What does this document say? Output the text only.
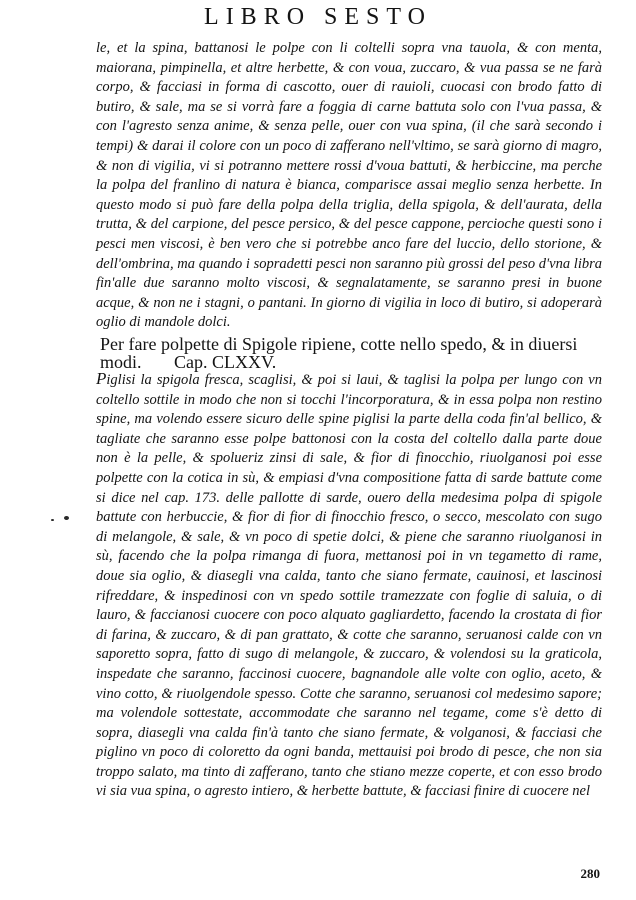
LIBRO SESTO

le, et la spina, battanosi le polpe con li coltelli sopra vna tauola, & con menta, maiorana, pimpinella, et altre herbette, & con voua, zuccaro, & vua passa se ne farà corpo, & facciasi in forma di cascotto, ouer di rauioli, cuocasi con brodo fatto di butiro, & sale, ma se si vorrà fare a foggia di carne battuta solo con l'vua passa, & con l'agresto senza anime, & senza pelle, ouer con vua spina, (il che sarà secondo i tempi) & darai il colore con un poco di zafferano nell'vltimo, se sarà giorno di magro, & non di vigilia, vi si potranno mettere rossi d'voua battuti, & herbiccine, ma perche la polpa del franlino di natura è bianca, comparisce assai meglio senza herbette. In questo modo si può fare della polpa della triglia, della spigola, & dell'aurata, della trutta, & del carpione, del pesce persico, & del pesce cappone, percioche questi sono i pesci men viscosi, è ben vero che si potrebbe anco fare del luccio, dello storione, & dell'ombrina, ma quando i sopradetti pesci non saranno più grossi del peso d'vna libra fin'alle due saranno molto viscosi, & segnalatamente, se saranno presi in buone acque, & non ne i stagni, o pantani. In giorno di vigilia in loco di butiro, si adoperarà oglio di mandole dolci.

Per fare polpette di Spigole ripiene, cotte nello spedo, & in diuersi modi. Cap. CLXXV.

Piglisi la spigola fresca, scaglisi, & poi si laui, & taglisi la polpa per lungo con vn coltello sottile in modo che non si tocchi l'incorporatura, & in essa polpa non restino spine, ma volendo essere sicuro delle spine piglisi la parte della coda fin'al bellico, & tagliate che saranno esse polpe battonosi con la costa del coltello dalla parte doue non è la pelle, & spolueriz zinsi di sale, & fior di finocchio, riuolganosi poi esse polpette con la cotica in sù, & empiasi d'vna compositione fatta di sarde battute come si dice nel cap. 173. delle pallotte di sarde, ouero della medesima polpa di spigole battute con herbuccie, & fior di fior di finocchio fresco, o secco, mescolato con sugo di melangole, & sale, & vn poco di spetie dolci, & piene che saranno riuolganosi in sù, facendo che la polpa rimanga di fuora, mettanosi poi in vn tegametto di rame, doue sia oglio, & diasegli vna calda, tanto che siano fermate, cauinosi, et lascinosi rifreddare, & inspedinosi con vn spedo sottile tramezzate con foglie di saluia, o di lauro, & faccianosi cuocere con poco alquato gagliardetto, facendo la crostata di fior di farina, & zuccaro, & di pan grattato, & cotte che saranno, seruanosi calde con vn saporetto sopra, fatto di sugo di melangole, & zuccaro, & volendosi su la graticola, inspedate che saranno, faccinosi cuocere, bagnandole alle volte con oglio, aceto, & vino cotto, & riuolgendole spesso. Cotte che saranno, seruanosi col medesimo sapore; ma volendole sottestate, accommodate che saranno nel tegame, come s'è detto di sopra, diasegli vna calda fin'à tanto che siano fermate, & volganosi, & facciasi che piglino vn poco di coloretto da ogni banda, mettauisi poi brodo di pesce, che non sia troppo salato, ma tinto di zafferano, tanto che stiano mezze coperte, et con esso brodo vi sia vua spina, o agresto intiero, & herbette battute, & facciasi finire di cuocere nel

280
